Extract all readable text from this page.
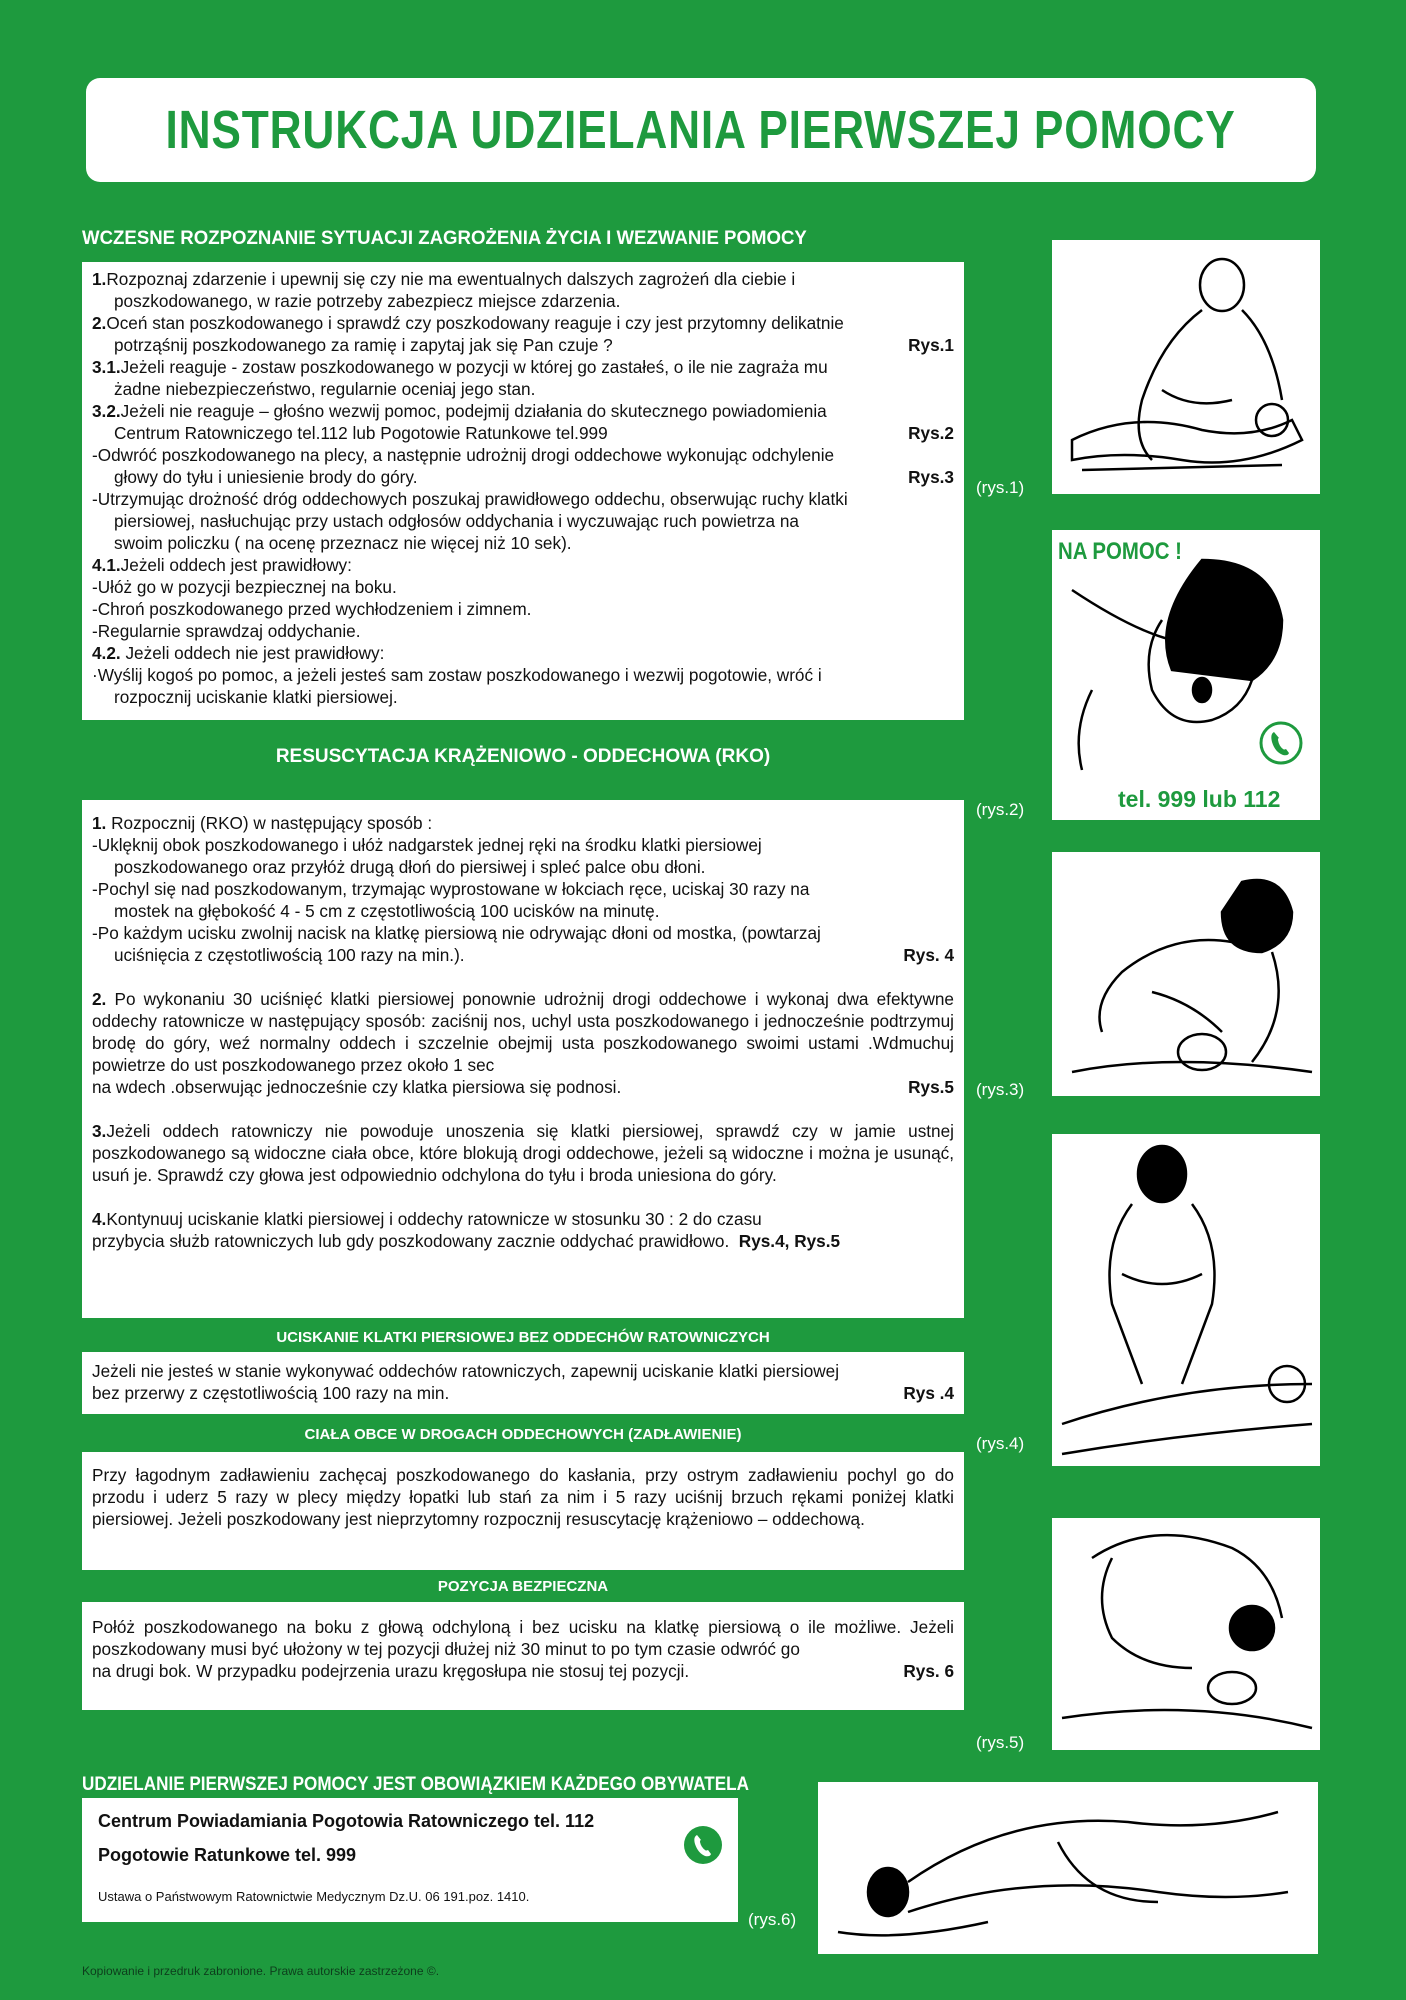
INSTRUKCJA UDZIELANIA PIERWSZEJ POMOCY
WCZESNE ROZPOZNANIE SYTUACJI ZAGROŻENIA ŻYCIA I WEZWANIE POMOCY
1.Rozpoznaj zdarzenie i upewnij się czy nie ma ewentualnych dalszych zagrożeń dla ciebie i
poszkodowanego, w razie potrzeby zabezpiecz miejsce zdarzenia.
2.Oceń stan poszkodowanego i sprawdź czy poszkodowany reaguje i czy jest przytomny delikatnie
potrząśnij poszkodowanego za ramię i zapytaj jak się Pan czuje ?	Rys.1
3.1.Jeżeli reaguje - zostaw poszkodowanego w pozycji w której go zastałeś, o ile nie zagraża mu
żadne niebezpieczeństwo, regularnie oceniaj jego stan.
3.2.Jeżeli nie reaguje – głośno wezwij pomoc, podejmij działania do skutecznego powiadomienia
Centrum Ratowniczego tel.112 lub Pogotowie Ratunkowe tel.999	Rys.2
-Odwróć poszkodowanego na plecy, a następnie udrożnij drogi oddechowe wykonując odchylenie
głowy do tyłu i uniesienie brody do góry.	Rys.3
-Utrzymując drożność dróg oddechowych poszukaj prawidłowego oddechu, obserwując ruchy klatki
piersiowej, nasłuchując przy ustach odgłosów oddychania i wyczuwając ruch powietrza na
swoim policzku ( na ocenę przeznacz nie więcej niż 10 sek).
4.1.Jeżeli oddech jest prawidłowy:
-Ułóż go w pozycji bezpiecznej na boku.
-Chroń poszkodowanego przed wychłodzeniem i zimnem.
-Regularnie sprawdzaj oddychanie.
4.2. Jeżeli oddech nie jest prawidłowy:
·Wyślij kogoś po pomoc, a jeżeli jesteś sam zostaw poszkodowanego i wezwij pogotowie, wróć i
rozpocznij uciskanie klatki piersiowej.
RESUSCYTACJA KRĄŻENIOWO - ODDECHOWA (RKO)
1. Rozpocznij (RKO) w następujący sposób :
-Uklęknij obok poszkodowanego i ułóż nadgarstek jednej ręki na środku klatki piersiowej
poszkodowanego oraz przyłóż drugą dłoń do piersiwej i spleć palce obu dłoni.
-Pochyl się nad poszkodowanym, trzymając wyprostowane w łokciach ręce, uciskaj 30 razy na
mostek na głębokość 4 - 5 cm z częstotliwością 100 ucisków na minutę.
-Po każdym ucisku zwolnij nacisk na klatkę piersiową nie odrywając dłoni od mostka, (powtarzaj
uciśnięcia z częstotliwością 100 razy na min.).	Rys. 4

2. Po wykonaniu 30 uciśnięć klatki piersiowej ponownie udrożnij drogi oddechowe i wykonaj dwa efektywne oddechy ratownicze w następujący sposób: zaciśnij nos, uchyl usta poszkodowanego i jednocześnie podtrzymuj brodę do góry, weź normalny oddech i szczelnie obejmij usta poszkodowanego swoimi ustami .Wdmuchuj powietrze do ust poszkodowanego przez około 1 sec

na wdech .obserwując jednocześnie czy klatka piersiowa się podnosi.	Rys.5

3.Jeżeli oddech ratowniczy nie powoduje unoszenia się klatki piersiowej, sprawdź czy w jamie ustnej poszkodowanego są widoczne ciała obce, które blokują drogi oddechowe, jeżeli są widoczne i można je usunąć, usuń je. Sprawdź czy głowa jest odpowiednio odchylona do tyłu i broda uniesiona do góry.

4.Kontynuuj uciskanie klatki piersiowej i oddechy ratownicze w stosunku 30 : 2 do czasu

przybycia służb ratowniczych lub gdy poszkodowany zacznie oddychać prawidłowo. Rys.4, Rys.5

UCISKANIE KLATKI PIERSIOWEJ BEZ ODDECHÓW RATOWNICZYCH

Jeżeli nie jesteś w stanie wykonywać oddechów ratowniczych, zapewnij uciskanie klatki piersiowej

bez przerwy z częstotliwością 100 razy na min.	Rys .4
CIAŁA OBCE W DROGACH ODDECHOWYCH (ZADŁAWIENIE)

Przy łagodnym zadławieniu zachęcaj poszkodowanego do kasłania, przy ostrym zadławieniu pochyl go do przodu i uderz 5 razy w plecy między łopatki lub stań za nim i 5 razy uciśnij brzuch rękami poniżej klatki piersiowej. Jeżeli poszkodowany jest nieprzytomny rozpocznij resuscytację krążeniowo – oddechową.

POZYCJA BEZPIECZNA

Połóż poszkodowanego na boku z głową odchyloną i bez ucisku na klatkę piersiową o ile możliwe. Jeżeli poszkodowany musi być ułożony w tej pozycji dłużej niż 30 minut to po tym czasie odwróć go

na drugi bok. W przypadku podejrzenia urazu kręgosłupa nie stosuj tej pozycji.	Rys. 6
UDZIELANIE PIERWSZEJ POMOCY JEST OBOWIĄZKIEM KAŻDEGO OBYWATELA

Centrum Powiadamiania Pogotowia Ratowniczego tel. 112

Pogotowie Ratunkowe tel. 999

Ustawa o Państwowym Ratownictwie Medycznym Dz.U. 06 191.poz. 1410.

(rys.1)
NA POMOC !
tel. 999 lub 112
(rys.2)
(rys.3)
(rys.4)
(rys.5)
(rys.6)
Kopiowanie i przedruk zabronione. Prawa autorskie zastrzeżone ©.
